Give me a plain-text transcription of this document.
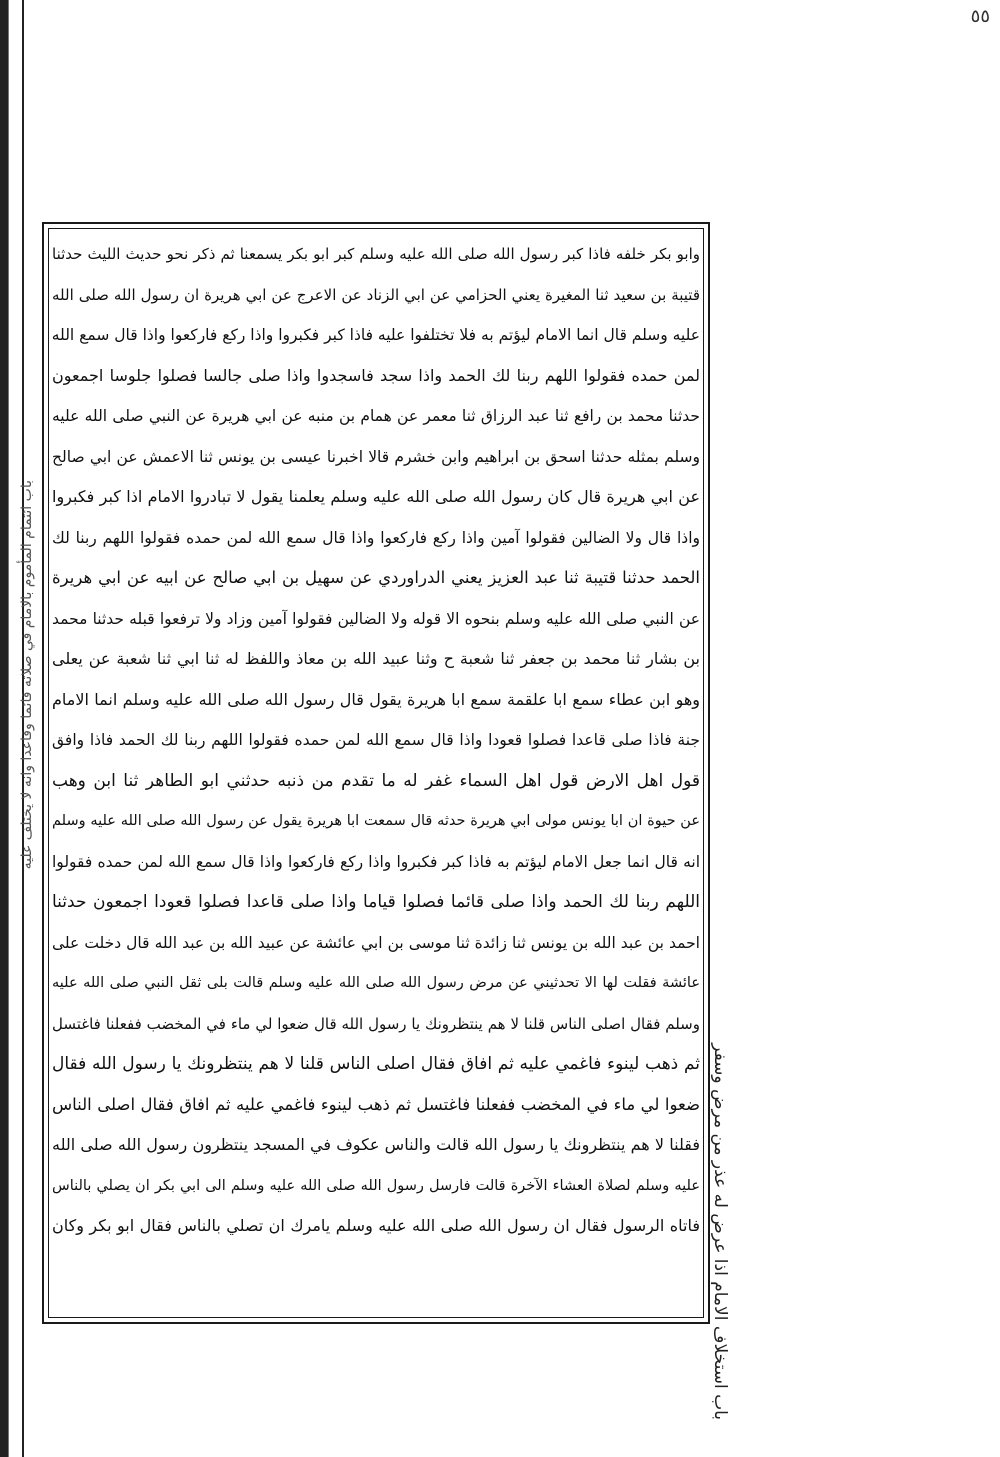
٥٥
وابو بكر خلفه فاذا كبر رسول الله صلى الله عليه وسلم كبر ابو بكر يسمعنا ثم ذكر نحو حديث الليث حدثنا
قتيبة بن سعيد ثنا المغيرة يعني الحزامي عن ابي الزناد عن الاعرج عن ابي هريرة ان رسول الله صلى الله
عليه وسلم قال انما الامام ليؤتم به فلا تختلفوا عليه فاذا كبر فكبروا واذا ركع فاركعوا واذا قال سمع الله
لمن حمده فقولوا اللهم ربنا لك الحمد واذا سجد فاسجدوا واذا صلى جالسا فصلوا جلوسا اجمعون
حدثنا محمد بن رافع ثنا عبد الرزاق ثنا معمر عن همام بن منبه عن ابي هريرة عن النبي صلى الله عليه
وسلم بمثله حدثنا اسحق بن ابراهيم وابن خشرم قالا اخبرنا عيسى بن يونس ثنا الاعمش عن ابي صالح
عن ابي هريرة قال كان رسول الله صلى الله عليه وسلم يعلمنا يقول لا تبادروا الامام اذا كبر فكبروا
واذا قال ولا الضالين فقولوا آمين واذا ركع فاركعوا واذا قال سمع الله لمن حمده فقولوا اللهم ربنا لك
الحمد حدثنا قتيبة ثنا عبد العزيز يعني الدراوردي عن سهيل بن ابي صالح عن ابيه عن ابي هريرة
عن النبي صلى الله عليه وسلم بنحوه الا قوله ولا الضالين فقولوا آمين وزاد ولا ترفعوا قبله حدثنا محمد
بن بشار ثنا محمد بن جعفر ثنا شعبة ح وثنا عبيد الله بن معاذ واللفظ له ثنا ابي ثنا شعبة عن يعلى
وهو ابن عطاء سمع ابا علقمة سمع ابا هريرة يقول قال رسول الله صلى الله عليه وسلم انما الامام
جنة فاذا صلى قاعدا فصلوا قعودا واذا قال سمع الله لمن حمده فقولوا اللهم ربنا لك الحمد فاذا وافق
قول اهل الارض قول اهل السماء غفر له ما تقدم من ذنبه حدثني ابو الطاهر ثنا ابن وهب
عن حيوة ان ابا يونس مولى ابي هريرة حدثه قال سمعت ابا هريرة يقول عن رسول الله صلى الله عليه وسلم
انه قال انما جعل الامام ليؤتم به فاذا كبر فكبروا واذا ركع فاركعوا واذا قال سمع الله لمن حمده فقولوا
اللهم ربنا لك الحمد واذا صلى قائما فصلوا قياما واذا صلى قاعدا فصلوا قعودا اجمعون حدثنا
احمد بن عبد الله بن يونس ثنا زائدة ثنا موسى بن ابي عائشة عن عبيد الله بن عبد الله قال دخلت على
عائشة فقلت لها الا تحدثيني عن مرض رسول الله صلى الله عليه وسلم قالت بلى ثقل النبي صلى الله عليه
وسلم فقال اصلى الناس قلنا لا هم ينتظرونك يا رسول الله قال ضعوا لي ماء في المخضب ففعلنا فاغتسل
ثم ذهب لينوء فاغمي عليه ثم افاق فقال اصلى الناس قلنا لا هم ينتظرونك يا رسول الله فقال
ضعوا لي ماء في المخضب ففعلنا فاغتسل ثم ذهب لينوء فاغمي عليه ثم افاق فقال اصلى الناس
فقلنا لا هم ينتظرونك يا رسول الله قالت والناس عكوف في المسجد ينتظرون رسول الله صلى الله
عليه وسلم لصلاة العشاء الآخرة قالت فارسل رسول الله صلى الله عليه وسلم الى ابي بكر ان يصلي بالناس
فاتاه الرسول فقال ان رسول الله صلى الله عليه وسلم يامرك ان تصلي بالناس فقال ابو بكر وكان
باب ائتمام المأموم بالامام في صلاته قائما وقاعدا وانه لا يختلف عليه
باب استخلاف الامام اذا عرض له عذر من مرض وسفر
